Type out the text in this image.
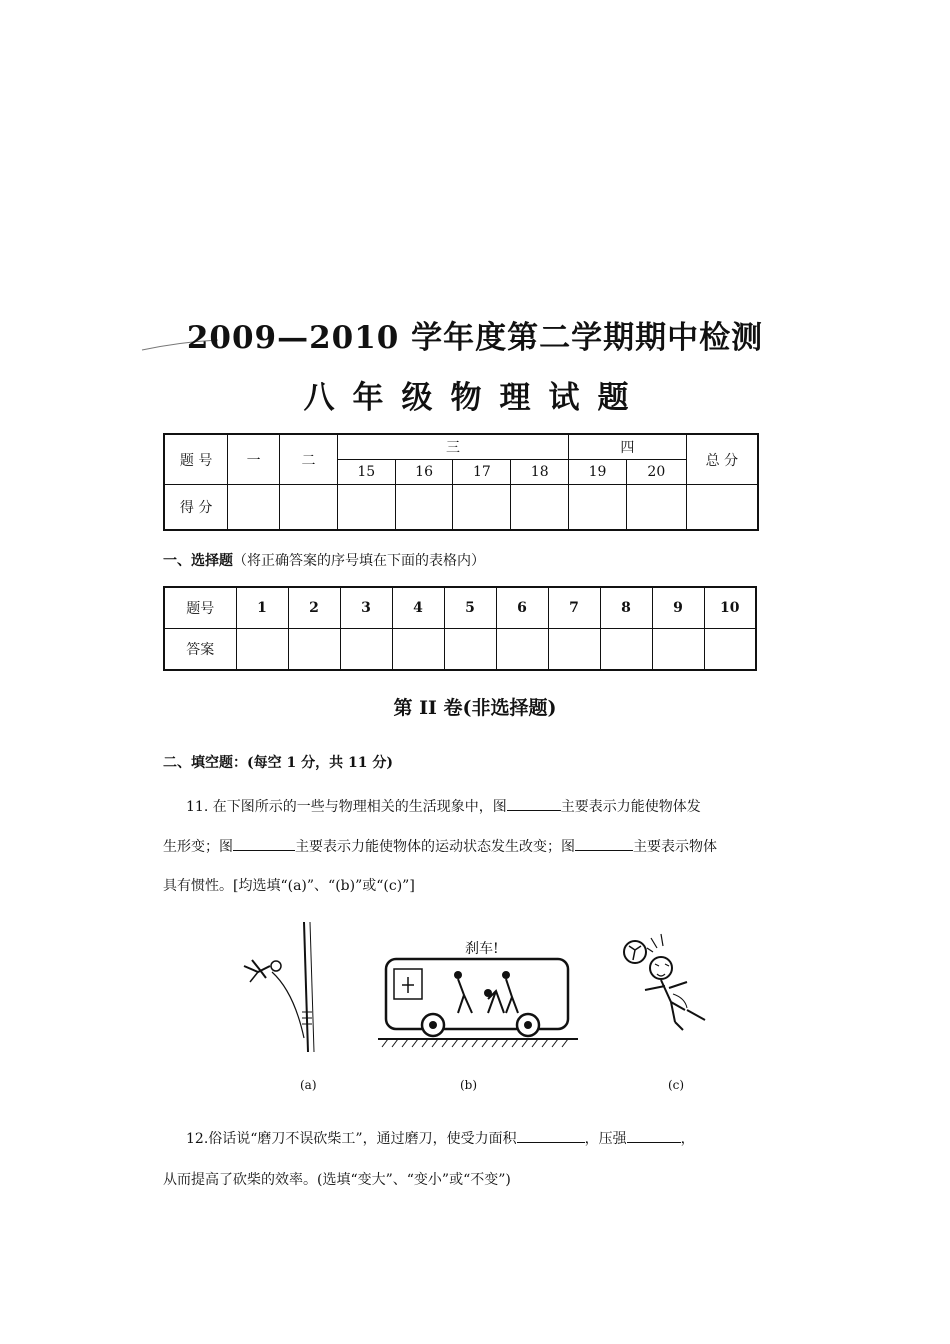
2009—2010 学年度第二学期期中检测
八年级物理试题
题 号	一	二	三				四		总 分
			15	16	17	18	19	20	
得 分									
一、选择题（将正确答案的序号填在下面的表格内）
题号	1	2	3	4	5	6	7	8	9	10
答案										
第 II 卷(非选择题)
二、填空题：(每空 1 分，共 11 分)
11. 在下图所示的一些与物理相关的生活现象中，图	主要表示力能使物体发
生形变；图	主要表示力能使物体的运动状态发生改变；图	主要表示物体
具有惯性。[均选填“(a)”、“(b)”或“(c)”]
(a)
刹车!
(b)	(c)
12.俗话说“磨刀不误砍柴工”，通过磨刀，使受力面积	，压强	，
从而提高了砍柴的效率。(选填“变大”、“变小”或“不变”)
